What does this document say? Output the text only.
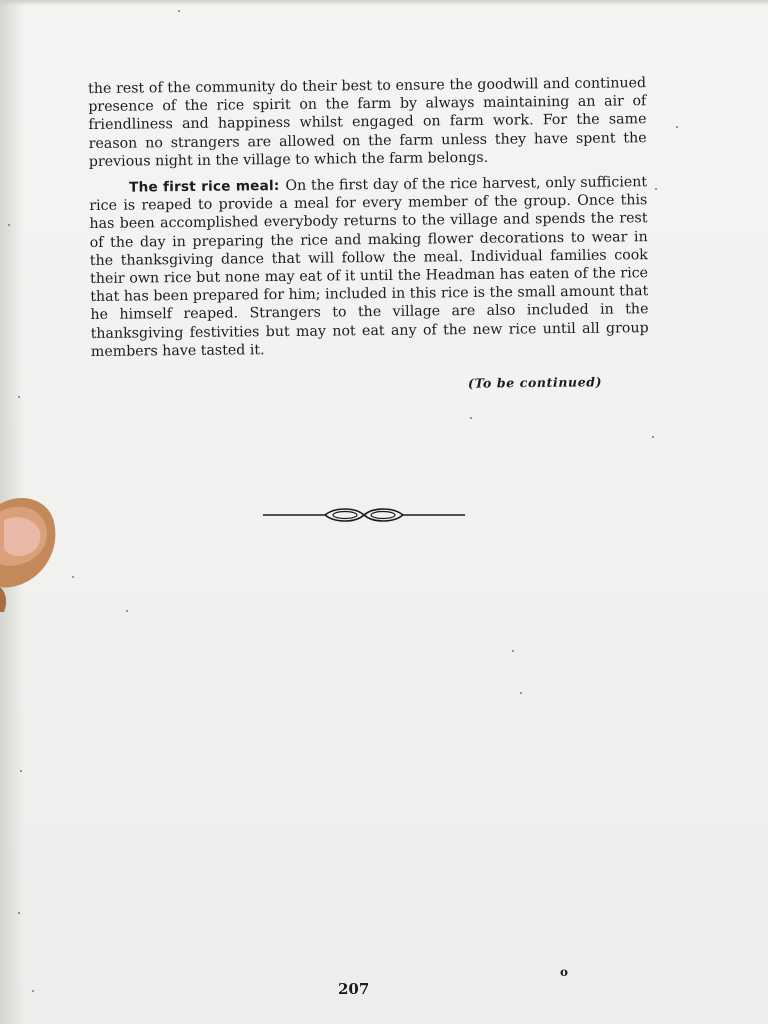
the rest of the community do their best to ensure the goodwill and continued presence of the rice spirit on the farm by always maintaining an air of friendliness and happiness whilst engaged on farm work. For the same reason no strangers are allowed on the farm unless they have spent the previous night in the village to which the farm belongs.

The first rice meal: On the first day of the rice harvest, only sufficient rice is reaped to provide a meal for every member of the group. Once this has been accomplished everybody returns to the village and spends the rest of the day in preparing the rice and making flower decorations to wear in the thanksgiving dance that will follow the meal. Individual families cook their own rice but none may eat of it until the Headman has eaten of the rice that has been prepared for him; included in this rice is the small amount that he himself reaped. Strangers to the village are also included in the thanksgiving festivities but may not eat any of the new rice until all group members have tasted it.

(To be continued)
207
o
